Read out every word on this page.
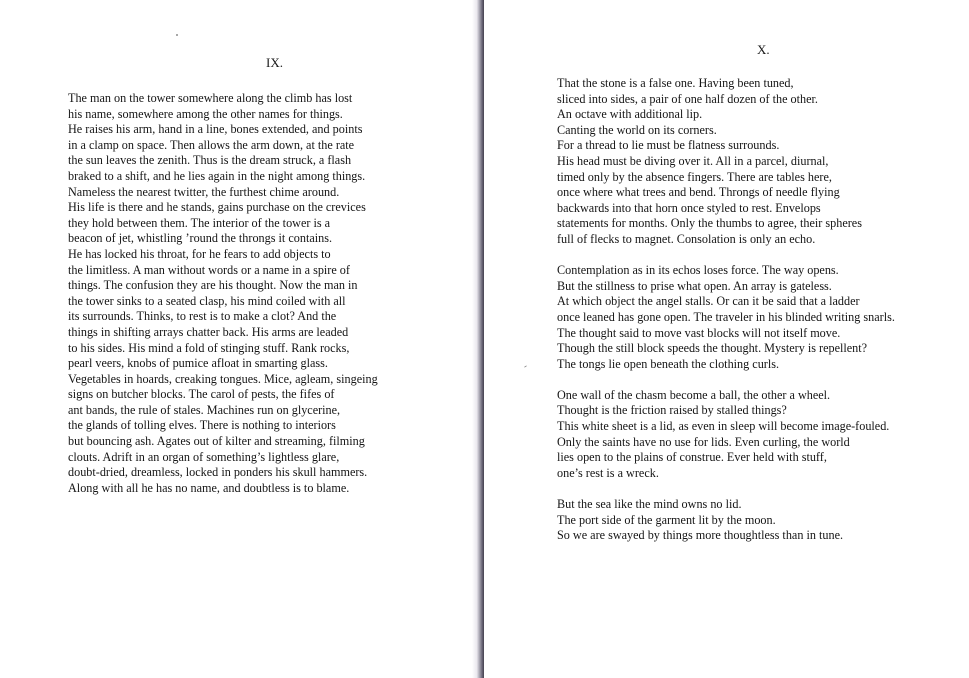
IX.
The man on the tower somewhere along the climb has lost
his name, somewhere among the other names for things.
He raises his arm, hand in a line, bones extended, and points
in a clamp on space. Then allows the arm down, at the rate
the sun leaves the zenith. Thus is the dream struck, a flash
braked to a shift, and he lies again in the night among things.
Nameless the nearest twitter, the furthest chime around.
His life is there and he stands, gains purchase on the crevices
they hold between them. The interior of the tower is a
beacon of jet, whistling ’round the throngs it contains.
He has locked his throat, for he fears to add objects to
the limitless. A man without words or a name in a spire of
things. The confusion they are his thought. Now the man in
the tower sinks to a seated clasp, his mind coiled with all
its surrounds. Thinks, to rest is to make a clot? And the
things in shifting arrays chatter back. His arms are leaded
to his sides. His mind a fold of stinging stuff. Rank rocks,
pearl veers, knobs of pumice afloat in smarting glass.
Vegetables in hoards, creaking tongues. Mice, agleam, singeing
signs on butcher blocks. The carol of pests, the fifes of
ant bands, the rule of stales. Machines run on glycerine,
the glands of tolling elves. There is nothing to interiors
but bouncing ash. Agates out of kilter and streaming, filming
clouts. Adrift in an organ of something’s lightless glare,
doubt-dried, dreamless, locked in ponders his skull hammers.
Along with all he has no name, and doubtless is to blame.
X.
That the stone is a false one. Having been tuned,
sliced into sides, a pair of one half dozen of the other.
An octave with additional lip.
Canting the world on its corners.
For a thread to lie must be flatness surrounds.
His head must be diving over it. All in a parcel, diurnal,
timed only by the absence fingers. There are tables here,
once where what trees and bend. Throngs of needle flying
backwards into that horn once styled to rest. Envelops
statements for months. Only the thumbs to agree, their spheres
full of flecks to magnet. Consolation is only an echo.
Contemplation as in its echos loses force. The way opens.
But the stillness to prise what open. An array is gateless.
At which object the angel stalls. Or can it be said that a ladder
once leaned has gone open. The traveler in his blinded writing snarls.
The thought said to move vast blocks will not itself move.
Though the still block speeds the thought. Mystery is repellent?
The tongs lie open beneath the clothing curls.
One wall of the chasm become a ball, the other a wheel.
Thought is the friction raised by stalled things?
This white sheet is a lid, as even in sleep will become image-fouled.
Only the saints have no use for lids. Even curling, the world
lies open to the plains of construe. Ever held with stuff,
one’s rest is a wreck.
But the sea like the mind owns no lid.
The port side of the garment lit by the moon.
So we are swayed by things more thoughtless than in tune.
